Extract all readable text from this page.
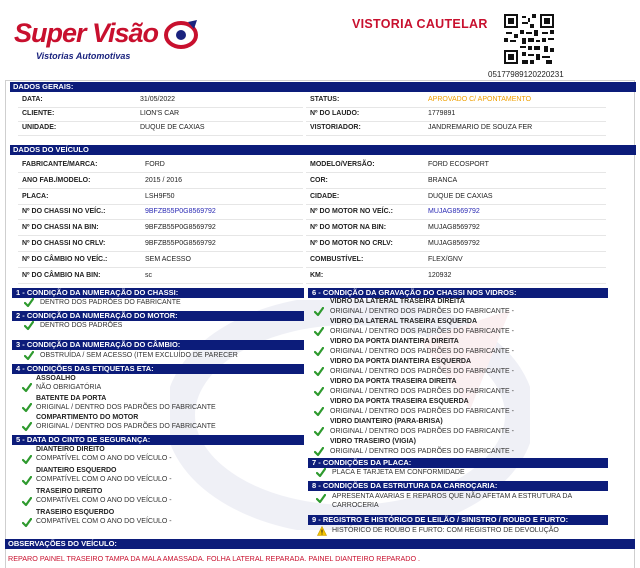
Super Visão
Vistorias Automotivas
VISTORIA CAUTELAR
05177989120220231
DADOS GERAIS:
DADOS DO VEÍCULO
1 - CONDIÇÃO DA NUMERAÇÃO DO CHASSI:
DENTRO DOS PADRÕES DO FABRICANTE
2 - CONDIÇÃO DA NUMERAÇÃO DO MOTOR:
DENTRO DOS PADRÕES
3 - CONDIÇÃO DA NUMERAÇÃO DO CÂMBIO:
OBSTRUÍDA / SEM ACESSO (ITEM EXCLUÍDO DE PARECER
4 - CONDIÇÕES DAS ETIQUETAS ETA:
5 - DATA DO CINTO DE SEGURANÇA:
6 - CONDIÇÃO DA GRAVAÇÃO DO CHASSI NOS VIDROS:
7 - CONDIÇÕES DA PLACA:
PLACA E TARJETA EM CONFORMIDADE
8 - CONDIÇÕES DA ESTRUTURA DA CARROÇARIA:
APRESENTA AVARIAS E REPAROS QUE NÃO AFETAM A ESTRUTURA DA
CARROCERIA
9 - REGISTRO E HISTÓRICO DE LEILÃO / SINISTRO / ROUBO E FURTO:
HISTÓRICO DE ROUBO E FURTO: COM REGISTRO DE DEVOLUÇÃO
OBSERVAÇÕES DO VEÍCULO:
REPARO PAINEL TRASEIRO TAMPA DA MALA AMASSADA. FOLHA LATERAL REPARADA. PAINEL DIANTEIRO REPARADO .
DATA:	31/05/2022
CLIENTE:	LION'S CAR
UNIDADE:	DUQUE DE CAXIAS
STATUS:	APROVADO C/ APONTAMENTO
Nº DO LAUDO:	1779891
VISTORIADOR:	JANDREMARIO DE SOUZA FER
FABRICANTE/MARCA:	FORD
ANO FAB./MODELO:	2015 / 2016
PLACA:	LSH9F50
Nº DO CHASSI NO VEÍC.:	9BFZB55P0G8569792
Nº DO CHASSI NA BIN:	9BFZB55P0G8569792
Nº DO CHASSI NO CRLV:	9BFZB55P0G8569792
Nº DO CÂMBIO NO VEÍC.:	SEM ACESSO
Nº DO CÂMBIO NA BIN:	sc
MODELO/VERSÃO:	FORD ECOSPORT
COR:	BRANCA
CIDADE:	DUQUE DE CAXIAS
Nº DO MOTOR NO VEÍC.:	MUJAG8569792
Nº DO MOTOR NA BIN:	MUJAG8569792
Nº DO MOTOR NO CRLV:	MUJAG8569792
COMBUSTÍVEL:	FLEX/GNV
KM:	120932
ASSOALHO
NÃO OBRIGATÓRIA
BATENTE DA PORTA
ORIGINAL / DENTRO DOS PADRÕES DO FABRICANTE
COMPARTIMENTO DO MOTOR
ORIGINAL / DENTRO DOS PADRÕES DO FABRICANTE
DIANTEIRO DIREITO
COMPATÍVEL COM O ANO DO VEÍCULO -
DIANTEIRO ESQUERDO
COMPATÍVEL COM O ANO DO VEÍCULO -
TRASEIRO DIREITO
COMPATÍVEL COM O ANO DO VEÍCULO -
TRASEIRO ESQUERDO
COMPATÍVEL COM O ANO DO VEÍCULO -
VIDRO DA LATERAL TRASEIRA DIREITA
ORIGINAL / DENTRO DOS PADRÕES DO FABRICANTE -
VIDRO DA LATERAL TRASEIRA ESQUERDA
ORIGINAL / DENTRO DOS PADRÕES DO FABRICANTE -
VIDRO DA PORTA DIANTEIRA DIREITA
ORIGINAL / DENTRO DOS PADRÕES DO FABRICANTE -
VIDRO DA PORTA DIANTEIRA ESQUERDA
ORIGINAL / DENTRO DOS PADRÕES DO FABRICANTE -
VIDRO DA PORTA TRASEIRA DIREITA
ORIGINAL / DENTRO DOS PADRÕES DO FABRICANTE -
VIDRO DA PORTA TRASEIRA ESQUERDA
ORIGINAL / DENTRO DOS PADRÕES DO FABRICANTE -
VIDRO DIANTEIRO (PARA-BRISA)
ORIGINAL / DENTRO DOS PADRÕES DO FABRICANTE -
VIDRO TRASEIRO (VIGIA)
ORIGINAL / DENTRO DOS PADRÕES DO FABRICANTE -
